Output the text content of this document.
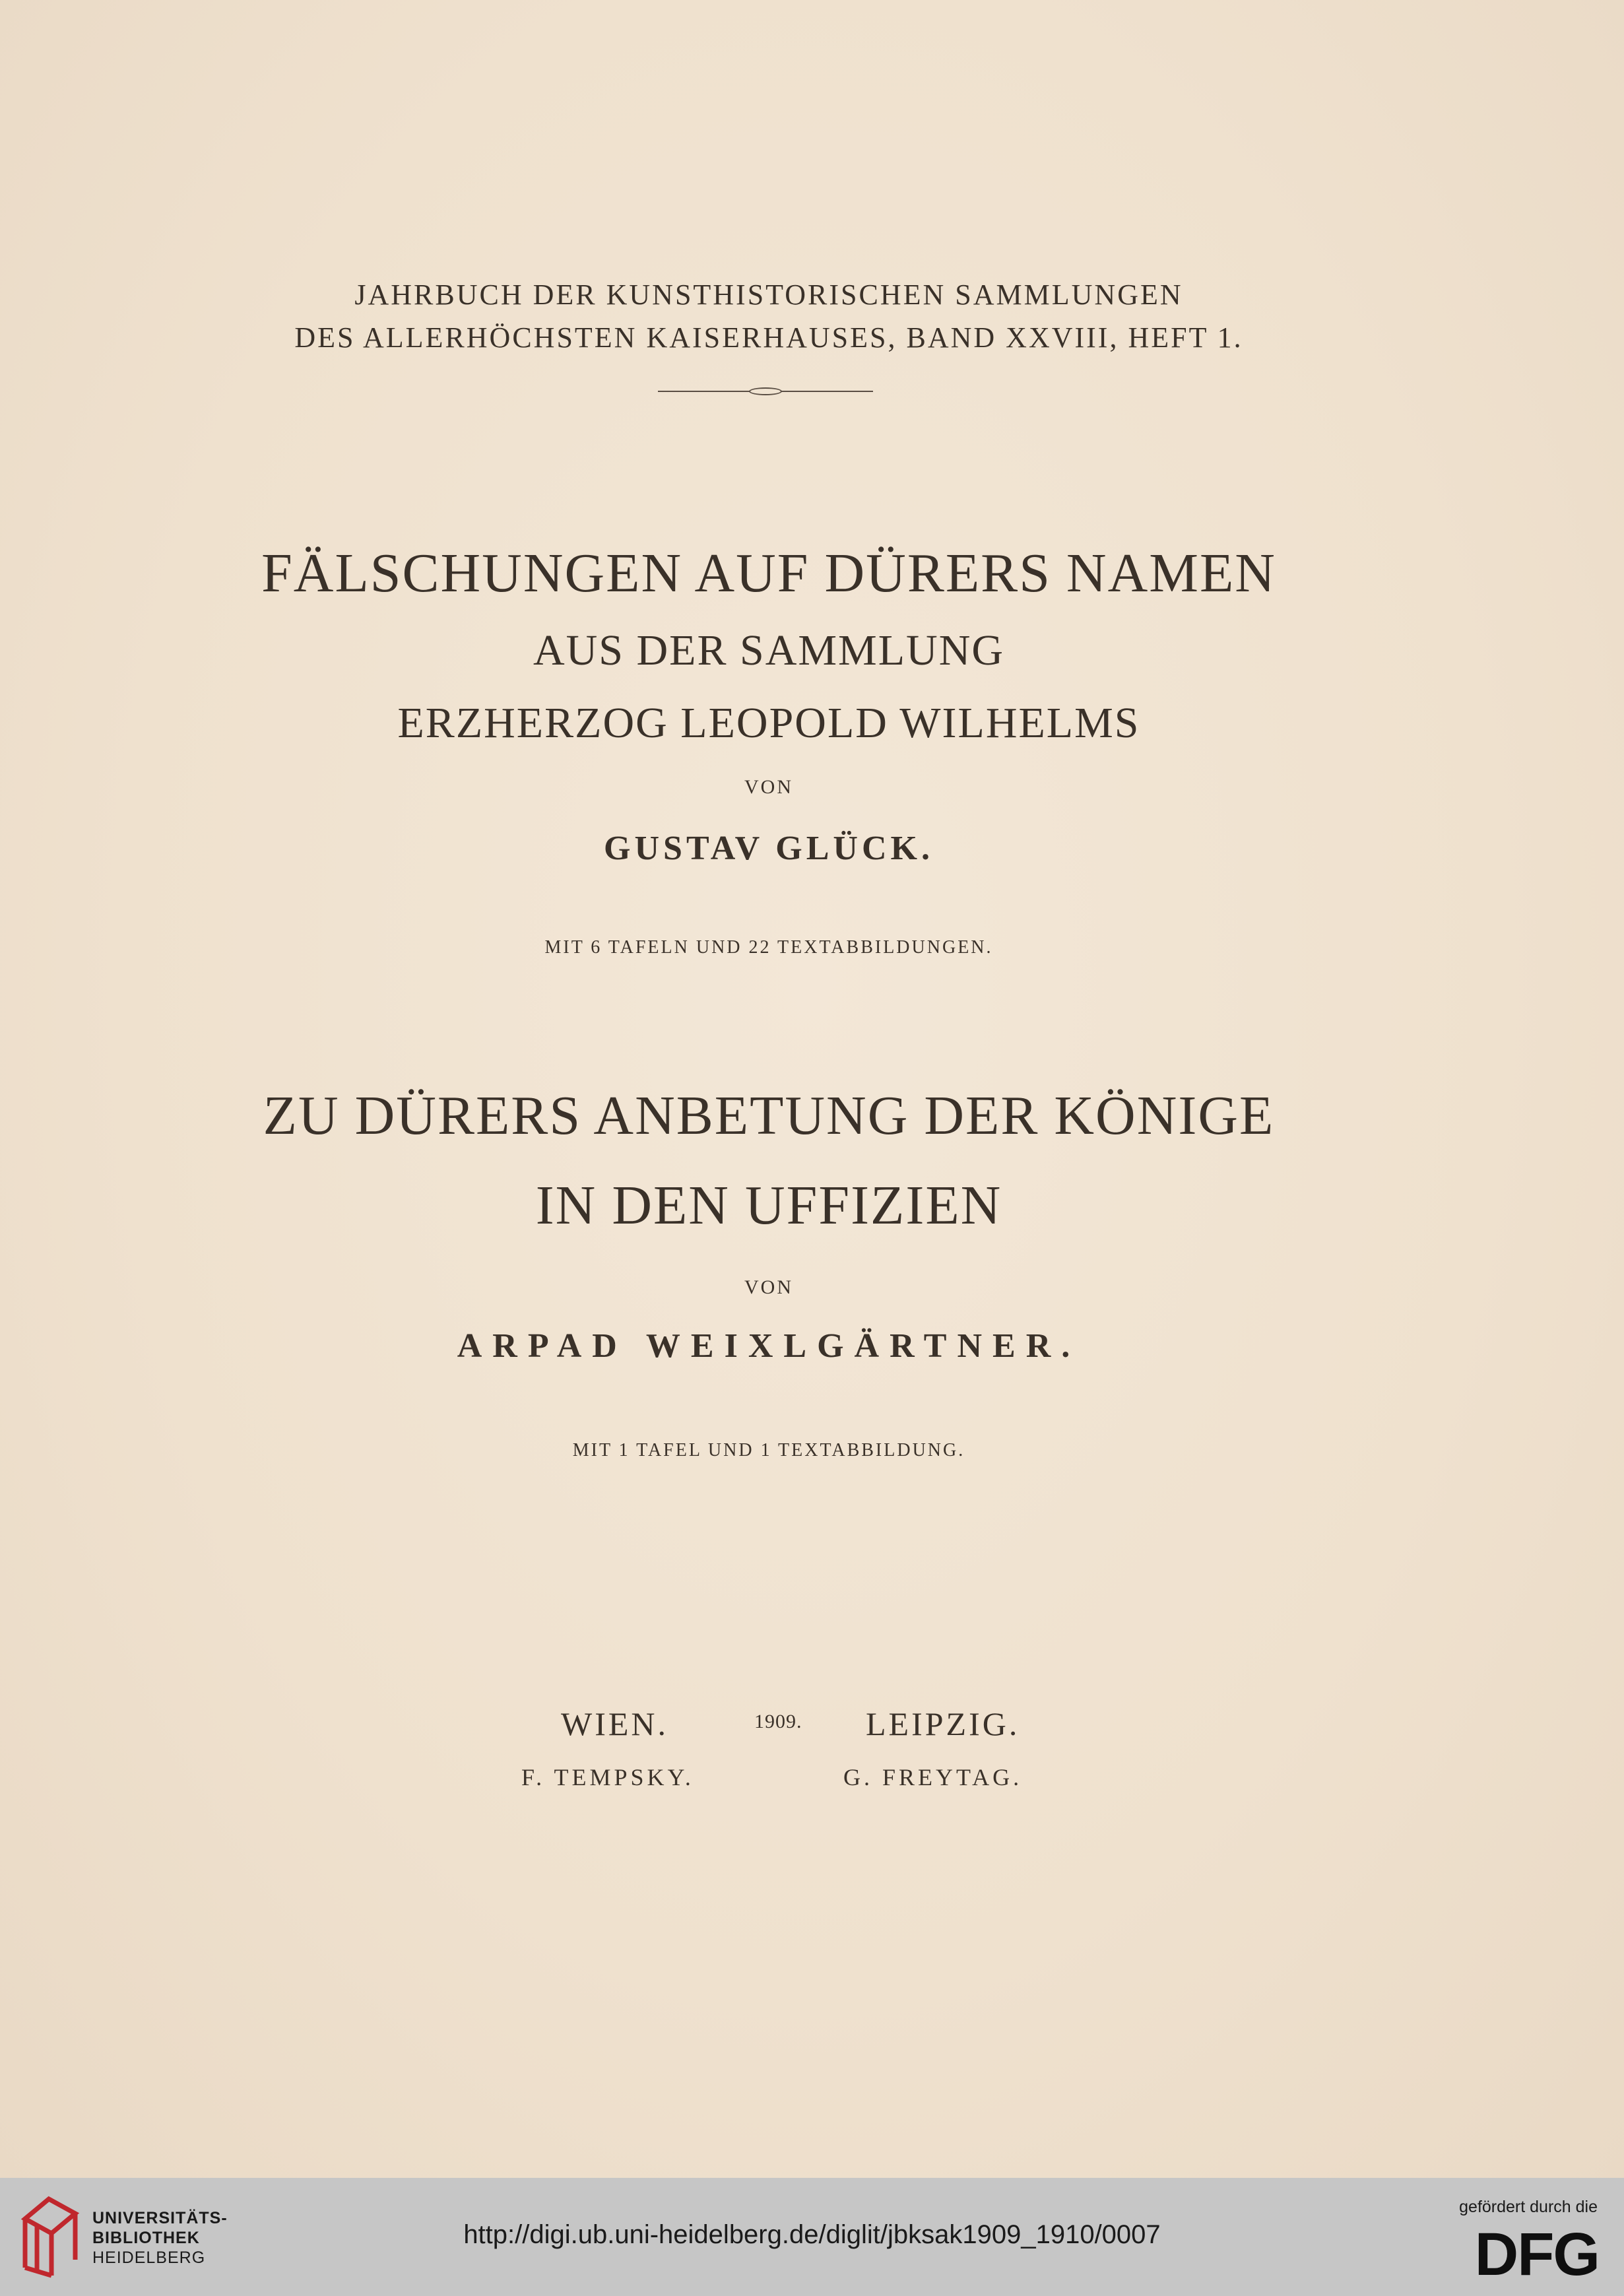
JAHRBUCH DER KUNSTHISTORISCHEN SAMMLUNGEN
DES ALLERHÖCHSTEN KAISERHAUSES, BAND XXVIII, HEFT 1.
FÄLSCHUNGEN AUF DÜRERS NAMEN
AUS DER SAMMLUNG
ERZHERZOG LEOPOLD WILHELMS
VON
GUSTAV GLÜCK.
MIT 6 TAFELN UND 22 TEXTABBILDUNGEN.
ZU DÜRERS ANBETUNG DER KÖNIGE
IN DEN UFFIZIEN
VON
ARPAD WEIXLGÄRTNER.
MIT 1 TAFEL UND 1 TEXTABBILDUNG.
WIEN.	1909. LEIPZIG.
F. TEMPSKY.	G. FREYTAG.
UNIVERSITÄTS-
BIBLIOTHEK
HEIDELBERG
http://digi.ub.uni-heidelberg.de/diglit/jbksak1909_1910/0007
gefördert durch die
DFG
